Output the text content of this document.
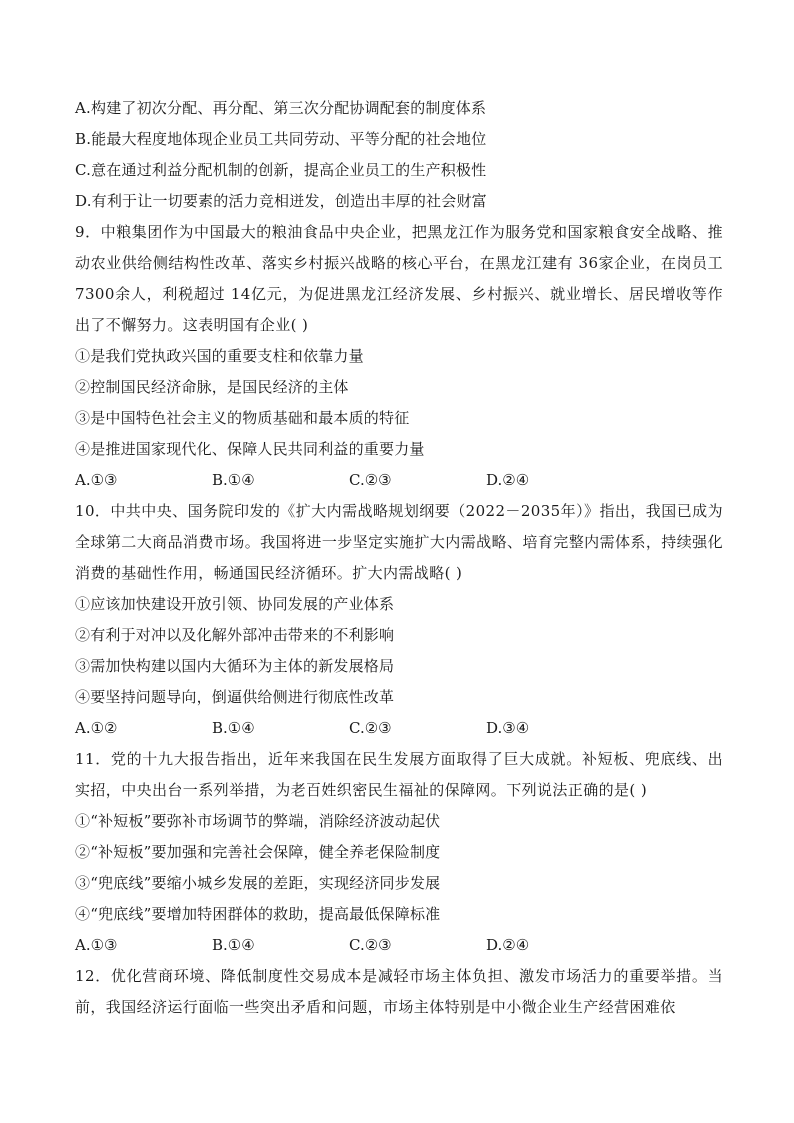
A.构建了初次分配、再分配、第三次分配协调配套的制度体系
B.能最大程度地体现企业员工共同劳动、平等分配的社会地位
C.意在通过利益分配机制的创新，提高企业员工的生产积极性
D.有利于让一切要素的活力竞相迸发，创造出丰厚的社会财富

9．中粮集团作为中国最大的粮油食品中央企业，把黑龙江作为服务党和国家粮食安全战略、推动农业供给侧结构性改革、落实乡村振兴战略的核心平台，在黑龙江建有 36家企业，在岗员工 7300余人，利税超过 14亿元，为促进黑龙江经济发展、乡村振兴、就业增长、居民增收等作出了不懈努力。这表明国有企业( )

①是我们党执政兴国的重要支柱和依靠力量
②控制国民经济命脉，是国民经济的主体
③是中国特色社会主义的物质基础和最本质的特征
④是推进国家现代化、保障人民共同利益的重要力量
A.①③	B.①④	C.②③	D.②④

10．中共中央、国务院印发的《扩大内需战略规划纲要（2022－2035年）》指出，我国已成为全球第二大商品消费市场。我国将进一步坚定实施扩大内需战略、培育完整内需体系，持续强化消费的基础性作用，畅通国民经济循环。扩大内需战略( )

①应该加快建设开放引领、协同发展的产业体系
②有利于对冲以及化解外部冲击带来的不利影响
③需加快构建以国内大循环为主体的新发展格局
④要坚持问题导向，倒逼供给侧进行彻底性改革
A.①②	B.①④	C.②③	D.③④

11．党的十九大报告指出，近年来我国在民生发展方面取得了巨大成就。补短板、兜底线、出实招，中央出台一系列举措，为老百姓织密民生福祉的保障网。下列说法正确的是( )

①“补短板”要弥补市场调节的弊端，消除经济波动起伏
②“补短板”要加强和完善社会保障，健全养老保险制度
③“兜底线”要缩小城乡发展的差距，实现经济同步发展
④“兜底线”要增加特困群体的救助，提高最低保障标准
A.①③	B.①④	C.②③	D.②④

12．优化营商环境、降低制度性交易成本是减轻市场主体负担、激发市场活力的重要举措。当前，我国经济运行面临一些突出矛盾和问题，市场主体特别是中小微企业生产经营困难依
